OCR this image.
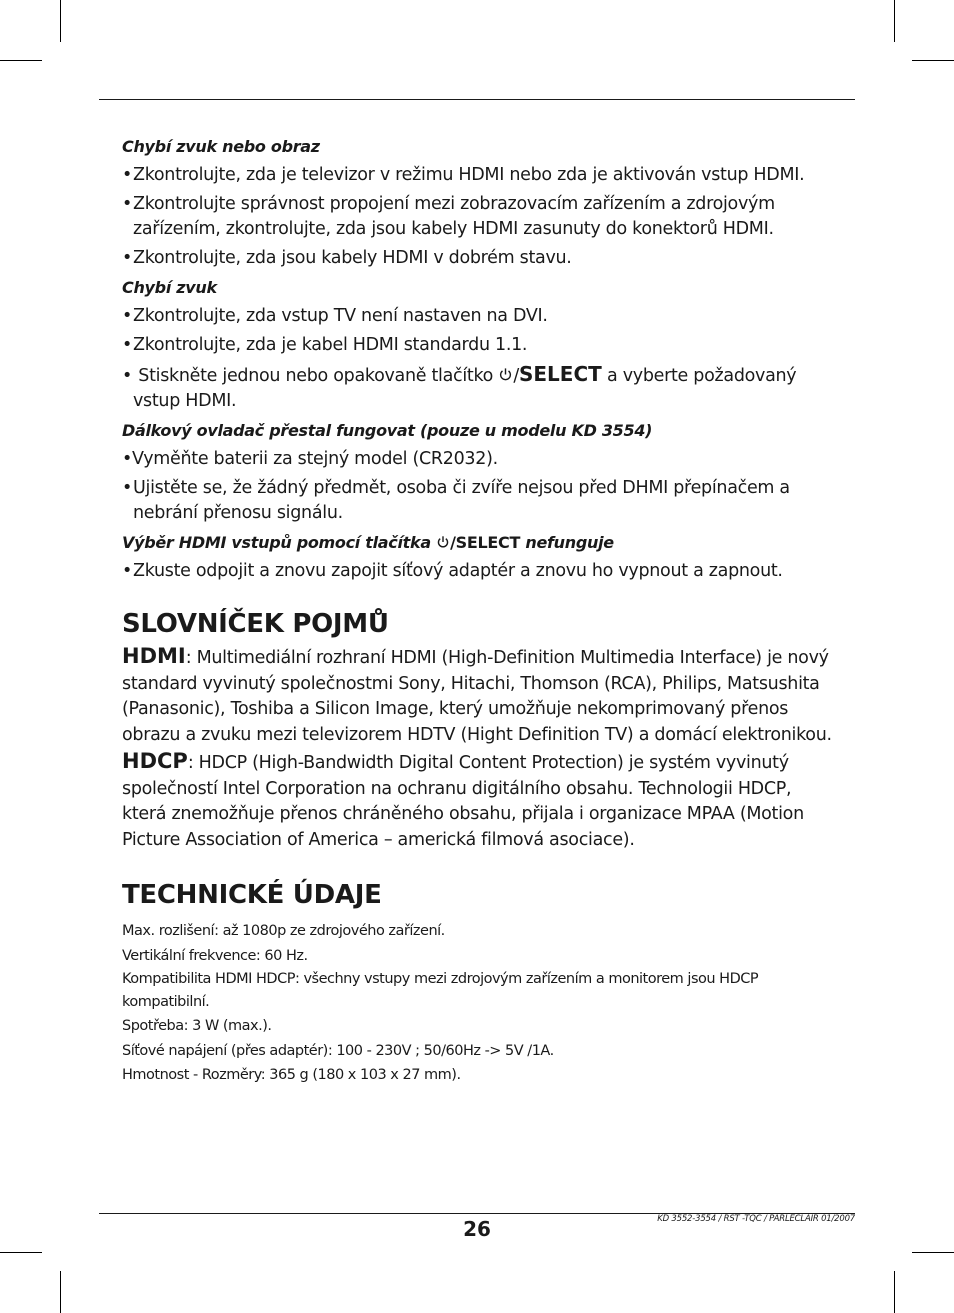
Chybí zvuk nebo obraz

• Zkontrolujte, zda je televizor v režimu HDMI nebo zda je aktivován vstup HDMI.

• Zkontrolujte správnost propojení mezi zobrazovacím zařízením a zdrojovým zařízením, zkontrolujte, zda jsou kabely HDMI zasunuty do konektorů HDMI.

• Zkontrolujte, zda jsou kabely HDMI v dobrém stavu.

Chybí zvuk

• Zkontrolujte, zda vstup TV není nastaven na DVI.

• Zkontrolujte, zda je kabel HDMI standardu 1.1.

• Stiskněte jednou nebo opakovaně tlačítko /SELECT a vyberte požadovaný vstup HDMI.

Dálkový ovladač přestal fungovat (pouze u modelu KD 3554)

• Vyměňte baterii za stejný model (CR2032).

• Ujistěte se, že žádný předmět, osoba či zvíře nejsou před DHMI přepínačem a nebrání přenosu signálu.

Výběr HDMI vstupů pomocí tlačítka /SELECT nefunguje

• Zkuste odpojit a znovu zapojit síťový adaptér a znovu ho vypnout a zapnout.

SLOVNÍČEK POJMŮ

HDMI: Multimediální rozhraní HDMI (High-Definition Multimedia Interface) je nový standard vyvinutý společnostmi Sony, Hitachi, Thomson (RCA), Philips, Matsushita (Panasonic), Toshiba a Silicon Image, který umožňuje nekomprimovaný přenos obrazu a zvuku mezi televizorem HDTV (Hight Definition TV) a domácí elektronikou.

HDCP: HDCP (High-Bandwidth Digital Content Protection) je systém vyvinutý společností Intel Corporation na ochranu digitálního obsahu. Technologii HDCP, která znemožňuje přenos chráněného obsahu, přijala i organizace MPAA (Motion Picture Association of America – americká filmová asociace).

TECHNICKÉ ÚDAJE

Max. rozlišení: až 1080p ze zdrojového zařízení.

Vertikální frekvence: 60 Hz.

Kompatibilita HDMI HDCP: všechny vstupy mezi zdrojovým zařízením a monitorem jsou HDCP kompatibilní.

Spotřeba: 3 W (max.).

Síťové napájení (přes adaptér): 100 - 230V ; 50/60Hz -> 5V /1A.

Hmotnost - Rozměry: 365 g (180 x 103 x 27 mm).

26	KD 3552-3554 / RST -TQC / PARLECLAIR 01/2007
